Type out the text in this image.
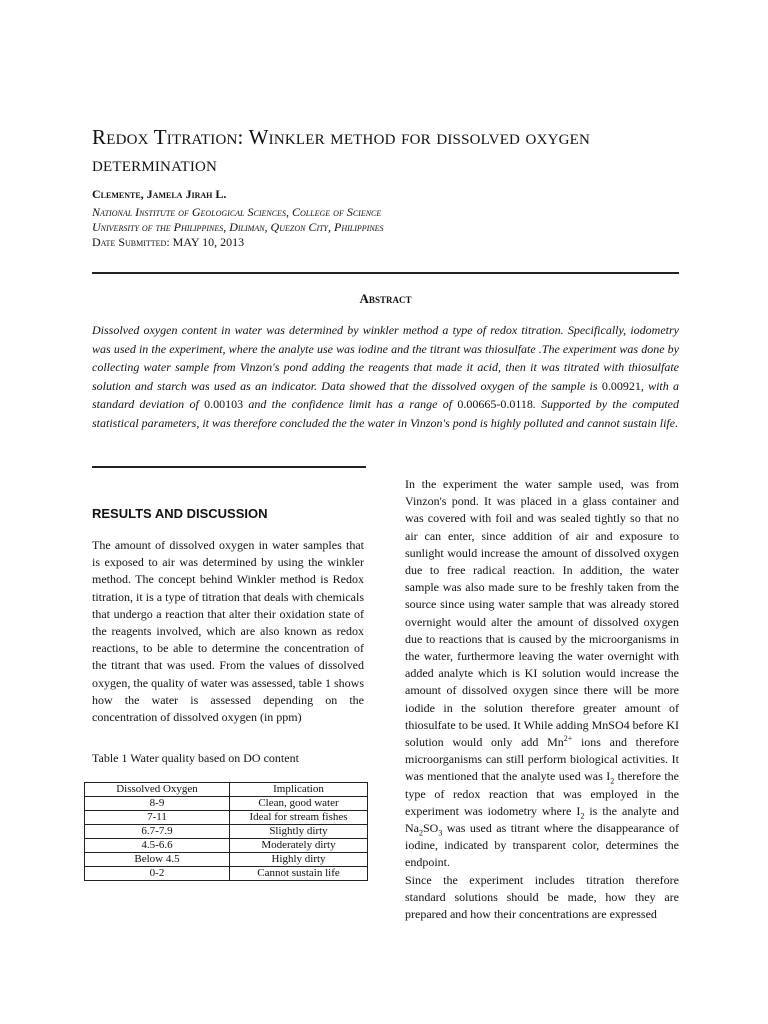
Redox Titration: Winkler method for dissolved oxygen determination
Clemente, Jamela Jirah L.
National Institute of Geological Sciences, College of Science
University of the Philippines, Diliman, Quezon City, Philippines
Date Submitted: MAY 10, 2013
Abstract
Dissolved oxygen content in water was determined by winkler method a type of redox titration. Specifically, iodometry was used in the experiment, where the analyte use was iodine and the titrant was thiosulfate .The experiment was done by collecting water sample from Vinzon's pond adding the reagents that made it acid, then it was titrated with thiosulfate solution and starch was used as an indicator. Data showed that the dissolved oxygen of the sample is 0.00921, with a standard deviation of 0.00103 and the confidence limit has a range of 0.00665-0.0118. Supported by the computed statistical parameters, it was therefore concluded the the water in Vinzon's pond is highly polluted and cannot sustain life.
RESULTS AND DISCUSSION
The amount of dissolved oxygen in water samples that is exposed to air was determined by using the winkler method. The concept behind Winkler method is Redox titration, it is a type of titration that deals with chemicals that undergo a reaction that alter their oxidation state of the reagents involved, which are also known as redox reactions, to be able to determine the concentration of the titrant that was used. From the values of dissolved oxygen, the quality of water was assessed, table 1 shows how the water is assessed depending on the concentration of dissolved oxygen (in ppm)
Table 1 Water quality based on DO content
Dissolved Oxygen	Implication
8-9	Clean, good water
7-11	Ideal for stream fishes
6.7-7.9	Slightly dirty
4.5-6.6	Moderately dirty
Below 4.5	Highly dirty
0-2	Cannot sustain life
In the experiment the water sample used, was from Vinzon's pond. It was placed in a glass container and was covered with foil and was sealed tightly so that no air can enter, since addition of air and exposure to sunlight would increase the amount of dissolved oxygen due to free radical reaction. In addition, the water sample was also made sure to be freshly taken from the source since using water sample that was already stored overnight would alter the amount of dissolved oxygen due to reactions that is caused by the microorganisms in the water, furthermore leaving the water overnight with added analyte which is KI solution would increase the amount of dissolved oxygen since there will be more iodide in the solution therefore greater amount of thiosulfate to be used. It While adding MnSO4 before KI solution would only add $Mn^{2+}$ ions and therefore microorganisms can still perform biological activities. It was mentioned that the analyte used was $I_2$ therefore the type of redox reaction that was employed in the experiment was iodometry where $I_2$ is the analyte and $Na_2SO_3$ was used as titrant where the disappearance of iodine, indicated by transparent color, determines the endpoint.
Since the experiment includes titration therefore standard solutions should be made, how they are prepared and how their concentrations are expressed
